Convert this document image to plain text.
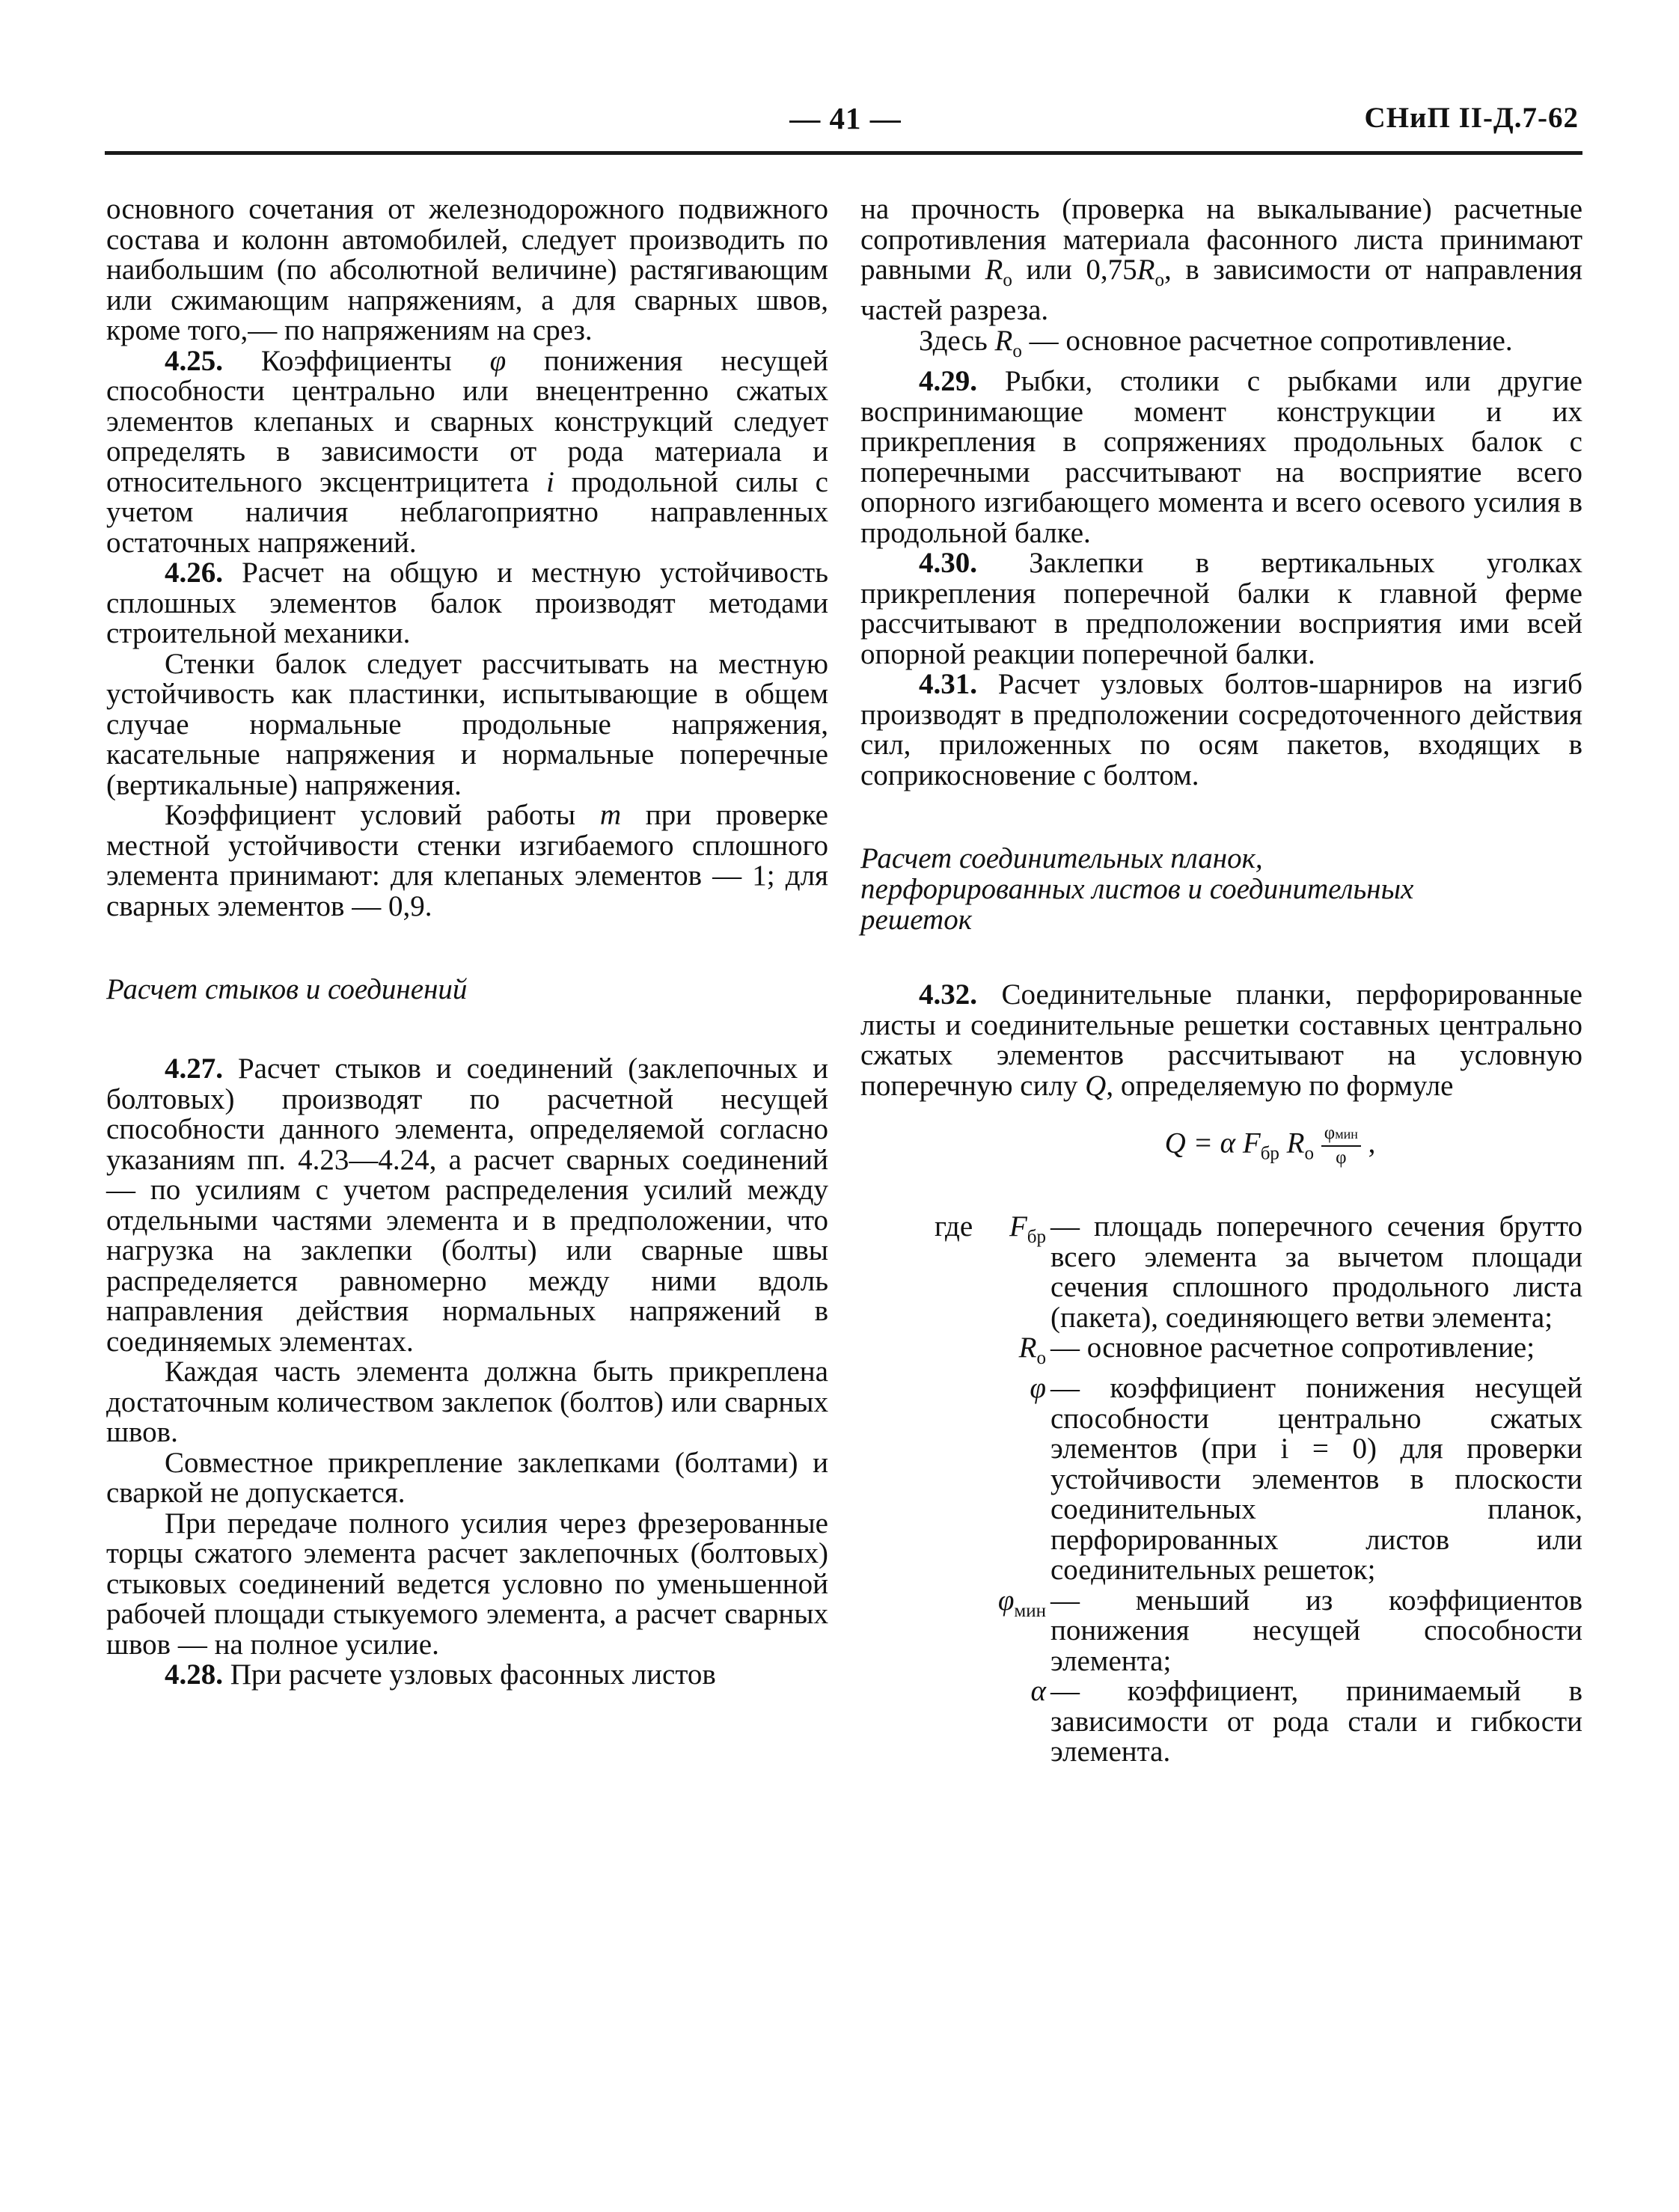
— 41 —	СНиП II-Д.7-62

основного сочетания от железнодорожного подвижного состава и колонн автомобилей, следует производить по наибольшим (по абсолютной величине) растягивающим или сжимающим напряжениям, а для сварных швов, кроме того,— по напряжениям на срез.

4.25. Коэффициенты φ понижения несущей способности центрально или внецентренно сжатых элементов клепаных и сварных конструкций следует определять в зависимости от рода материала и относительного эксцентрицитета i продольной силы с учетом наличия неблагоприятно направленных остаточных напряжений.

4.26. Расчет на общую и местную устойчивость сплошных элементов балок производят методами строительной механики.

Стенки балок следует рассчитывать на местную устойчивость как пластинки, испытывающие в общем случае нормальные продольные напряжения, касательные напряжения и нормальные поперечные (вертикальные) напряжения.

Коэффициент условий работы m при проверке местной устойчивости стенки изгибаемого сплошного элемента принимают: для клепаных элементов — 1; для сварных элементов — 0,9.

Расчет стыков и соединений

4.27. Расчет стыков и соединений (заклепочных и болтовых) производят по расчетной несущей способности данного элемента, определяемой согласно указаниям пп. 4.23—4.24, а расчет сварных соединений — по усилиям с учетом распределения усилий между отдельными частями элемента и в предположении, что нагрузка на заклепки (болты) или сварные швы распределяется равномерно между ними вдоль направления действия нормальных напряжений в соединяемых элементах.

Каждая часть элемента должна быть прикреплена достаточным количеством заклепок (болтов) или сварных швов.

Совместное прикрепление заклепками (болтами) и сваркой не допускается.

При передаче полного усилия через фрезерованные торцы сжатого элемента расчет заклепочных (болтовых) стыковых соединений ведется условно по уменьшенной рабочей площади стыкуемого элемента, а расчет сварных швов — на полное усилие.

4.28. При расчете узловых фасонных листов

на прочность (проверка на выкалывание) расчетные сопротивления материала фасонного листа принимают равными $R_о$ или $0,75R_о$, в зависимости от направления частей разреза.

Здесь $R_о$ — основное расчетное сопротивление.

4.29. Рыбки, столики с рыбками или другие воспринимающие момент конструкции и их прикрепления в сопряжениях продольных балок с поперечными рассчитывают на восприятие всего опорного изгибающего момента и всего осевого усилия в продольной балке.

4.30. Заклепки в вертикальных уголках прикрепления поперечной балки к главной ферме рассчитывают в предположении восприятия ими всей опорной реакции поперечной балки.

4.31. Расчет узловых болтов-шарниров на изгиб производят в предположении сосредоточенного действия сил, приложенных по осям пакетов, входящих в соприкосновение с болтом.

Расчет соединительных планок,

перфорированных листов и соединительных

решеток

4.32. Соединительные планки, перфорированные листы и соединительные решетки составных центрально сжатых элементов рассчитывают на условную поперечную силу Q, определяемую по формуле

Q = α $F_{бр}$ $R_о \frac{\text{φмин}}{\varphi}$ ,
где $F_{бр}$ — площадь поперечного сечения брутто всего элемента за вычетом площади сечения сплошного продольного листа (пакета), соединяющего ветви элемента;
$R_о$ — основное расчетное сопротивление;
φ — коэффициент понижения несущей способности центрально сжатых элементов (при i = 0) для проверки устойчивости элементов в плоскости соединительных планок, перфорированных листов или соединительных решеток;
$\varphi_{мин}$ — меньший из коэффициентов понижения несущей способности элемента;
α — коэффициент, принимаемый в зависимости от рода стали и гибкости элемента.
